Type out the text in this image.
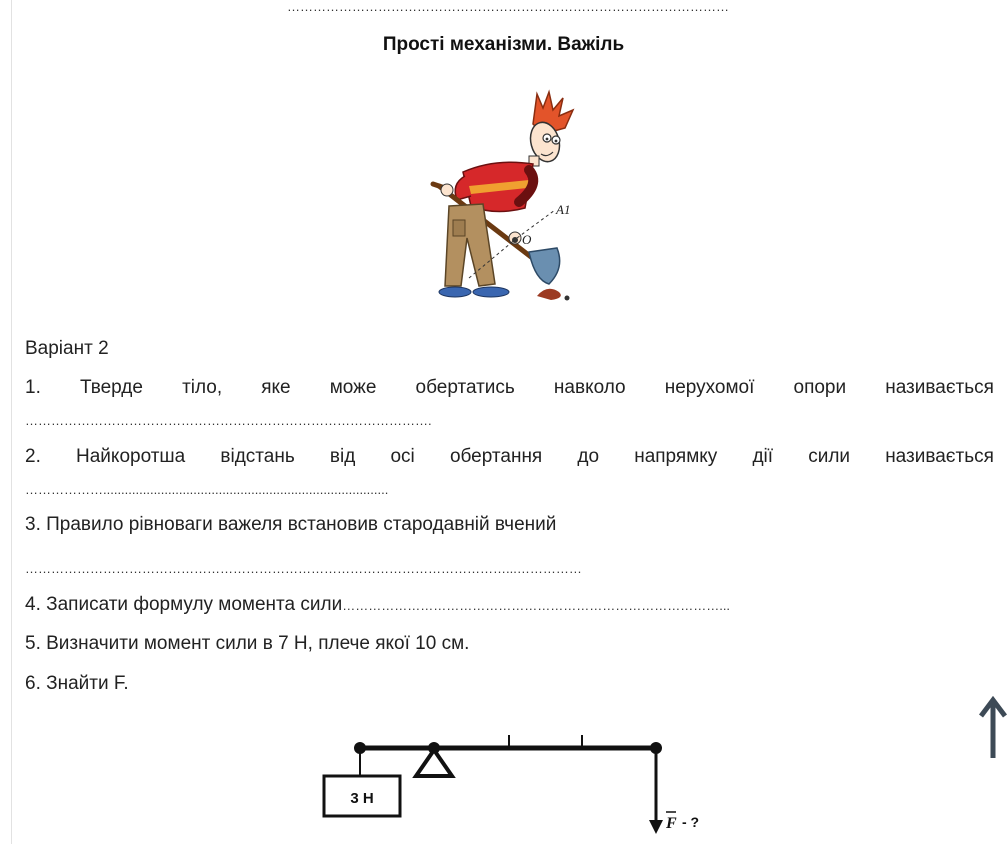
…………………………………………………………………………………………
Прості механізми. Важіль
A1
O
Варіант 2
1. Тверде тіло, яке може обертатись навколо нерухомої опори називається
………………………………………………………………………………….
2. Найкоротша відстань від осі обертання до напрямку дії сили називається
………………...............................................................................
3. Правило рівноваги важеля встановив стародавній вчений
…………………………………………………………………………………………………...……………
4. Записати формулу момента сили……………………………………………………………………………...
5. Визначити момент сили в 7 Н, плече якої 10 см.
6. Знайти F.
3 Н
F - ?
